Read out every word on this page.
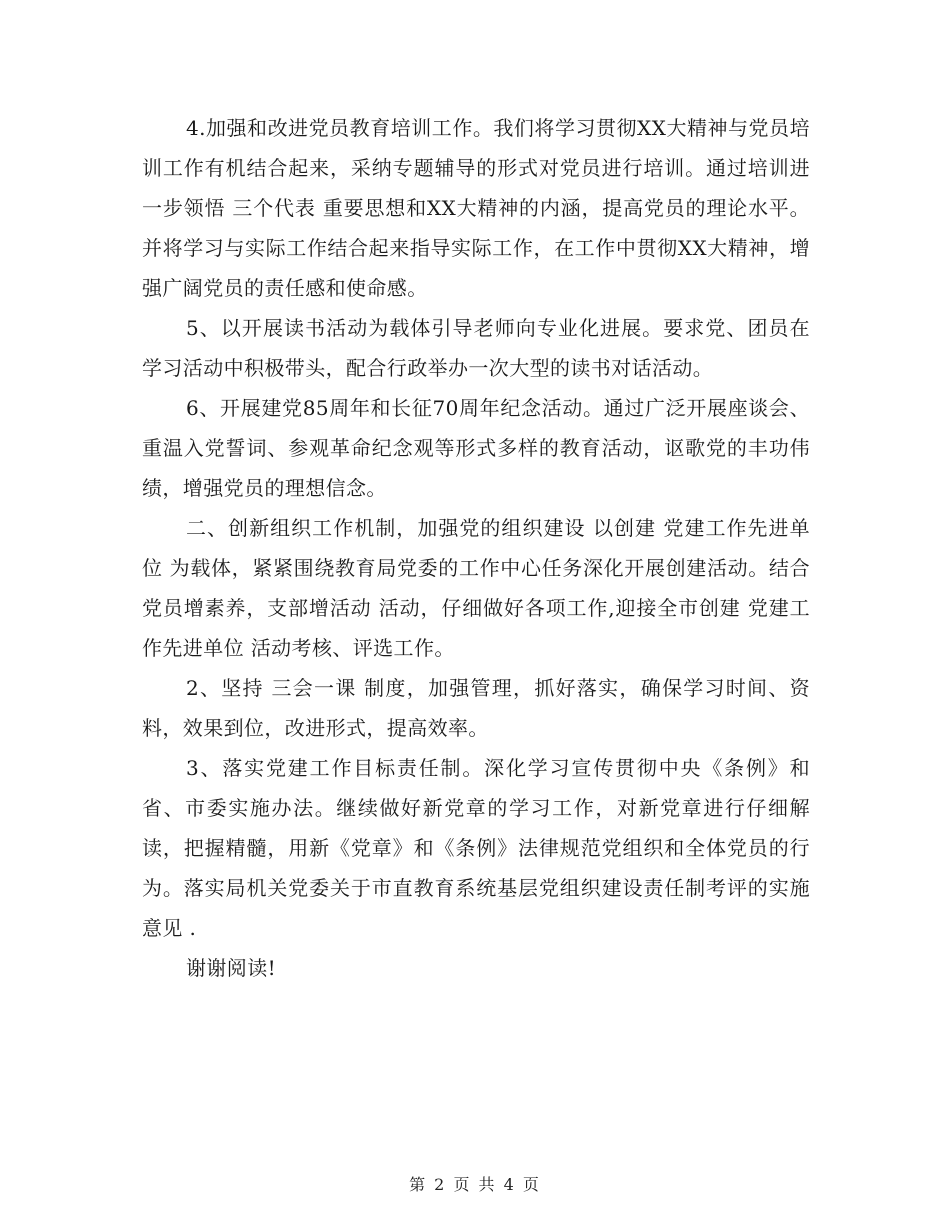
4.加强和改进党员教育培训工作。我们将学习贯彻XX大精神与党员培训工作有机结合起来，采纳专题辅导的形式对党员进行培训。通过培训进一步领悟 三个代表 重要思想和XX大精神的内涵，提高党员的理论水平。并将学习与实际工作结合起来指导实际工作，在工作中贯彻XX大精神，增强广阔党员的责任感和使命感。

5、以开展读书活动为载体引导老师向专业化进展。要求党、团员在学习活动中积极带头，配合行政举办一次大型的读书对话活动。

6、开展建党85周年和长征70周年纪念活动。通过广泛开展座谈会、重温入党誓词、参观革命纪念观等形式多样的教育活动，讴歌党的丰功伟绩，增强党员的理想信念。

二、创新组织工作机制，加强党的组织建设 以创建 党建工作先进单位 为载体，紧紧围绕教育局党委的工作中心任务深化开展创建活动。结合 党员增素养，支部增活动 活动，仔细做好各项工作,迎接全市创建 党建工作先进单位 活动考核、评选工作。

2、坚持 三会一课 制度，加强管理，抓好落实，确保学习时间、资料，效果到位，改进形式，提高效率。

3、落实党建工作目标责任制。深化学习宣传贯彻中央《条例》和省、市委实施办法。继续做好新党章的学习工作，对新党章进行仔细解读，把握精髓，用新《党章》和《条例》法律规范党组织和全体党员的行为。落实局机关党委关于市直教育系统基层党组织建设责任制考评的实施意见 .

谢谢阅读!

第 2 页 共 4 页
